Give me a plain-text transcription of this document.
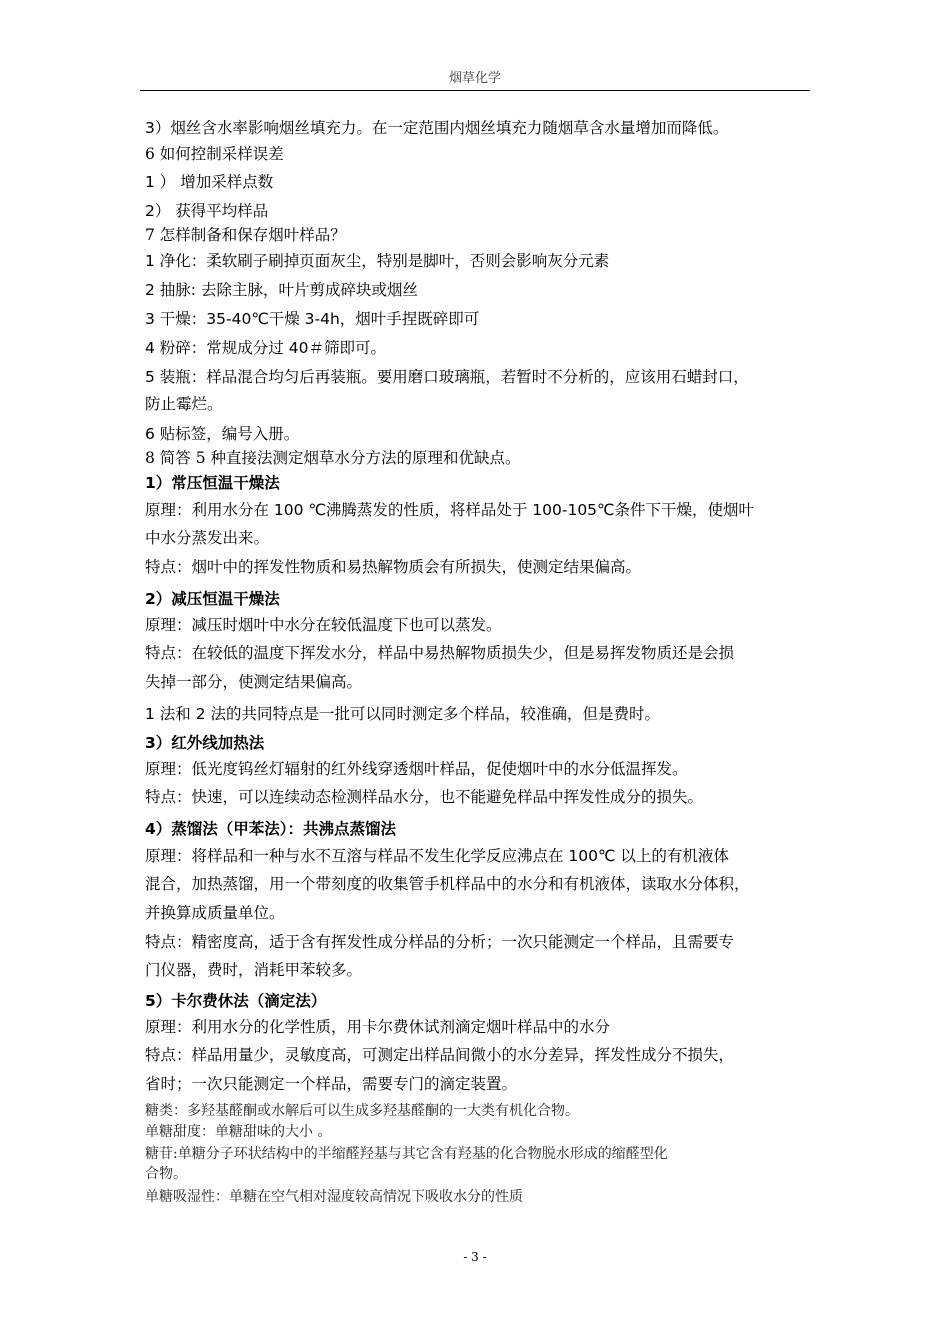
烟草化学
3）烟丝含水率影响烟丝填充力。在一定范围内烟丝填充力随烟草含水量增加而降低。
6 如何控制采样误差
1 ） 增加采样点数
2） 获得平均样品
7 怎样制备和保存烟叶样品？
1 净化：柔软刷子刷掉页面灰尘，特别是脚叶，否则会影响灰分元素
2 抽脉: 去除主脉，叶片剪成碎块或烟丝
3 干燥：35-40℃干燥 3-4h，烟叶手捏既碎即可
4 粉碎：常规成分过 40＃筛即可。
5 装瓶：样品混合均匀后再装瓶。要用磨口玻璃瓶，若暂时不分析的，应该用石蜡封口，
防止霉烂。
6 贴标签，编号入册。
8 简答 5 种直接法测定烟草水分方法的原理和优缺点。
1）常压恒温干燥法
原理：利用水分在 100 ℃沸腾蒸发的性质，将样品处于 100-105℃条件下干燥，使烟叶
中水分蒸发出来。
特点：烟叶中的挥发性物质和易热解物质会有所损失，使测定结果偏高。
2）减压恒温干燥法
原理：减压时烟叶中水分在较低温度下也可以蒸发。
特点：在较低的温度下挥发水分，样品中易热解物质损失少，但是易挥发物质还是会损
失掉一部分，使测定结果偏高。
1 法和 2 法的共同特点是一批可以同时测定多个样品，较准确，但是费时。
3）红外线加热法
原理：低光度钨丝灯辐射的红外线穿透烟叶样品，促使烟叶中的水分低温挥发。
特点：快速，可以连续动态检测样品水分，也不能避免样品中挥发性成分的损失。
4）蒸馏法（甲苯法）：共沸点蒸馏法
原理：将样品和一种与水不互溶与样品不发生化学反应沸点在 100℃ 以上的有机液体
混合，加热蒸馏，用一个带刻度的收集管手机样品中的水分和有机液体，读取水分体积，
并换算成质量单位。
特点：精密度高，适于含有挥发性成分样品的分析；一次只能测定一个样品，且需要专
门仪器，费时，消耗甲苯较多。
5）卡尔费休法（滴定法）
原理：利用水分的化学性质，用卡尔费休试剂滴定烟叶样品中的水分
特点：样品用量少，灵敏度高，可测定出样品间微小的水分差异，挥发性成分不损失，
省时；一次只能测定一个样品，需要专门的滴定装置。
糖类：多羟基醛酮或水解后可以生成多羟基醛酮的一大类有机化合物。
单糖甜度：单糖甜味的大小 。
糖苷:单糖分子环状结构中的半缩醛羟基与其它含有羟基的化合物脱水形成的缩醛型化
合物。
单糖吸湿性：单糖在空气相对湿度较高情况下吸收水分的性质
- 3 -
